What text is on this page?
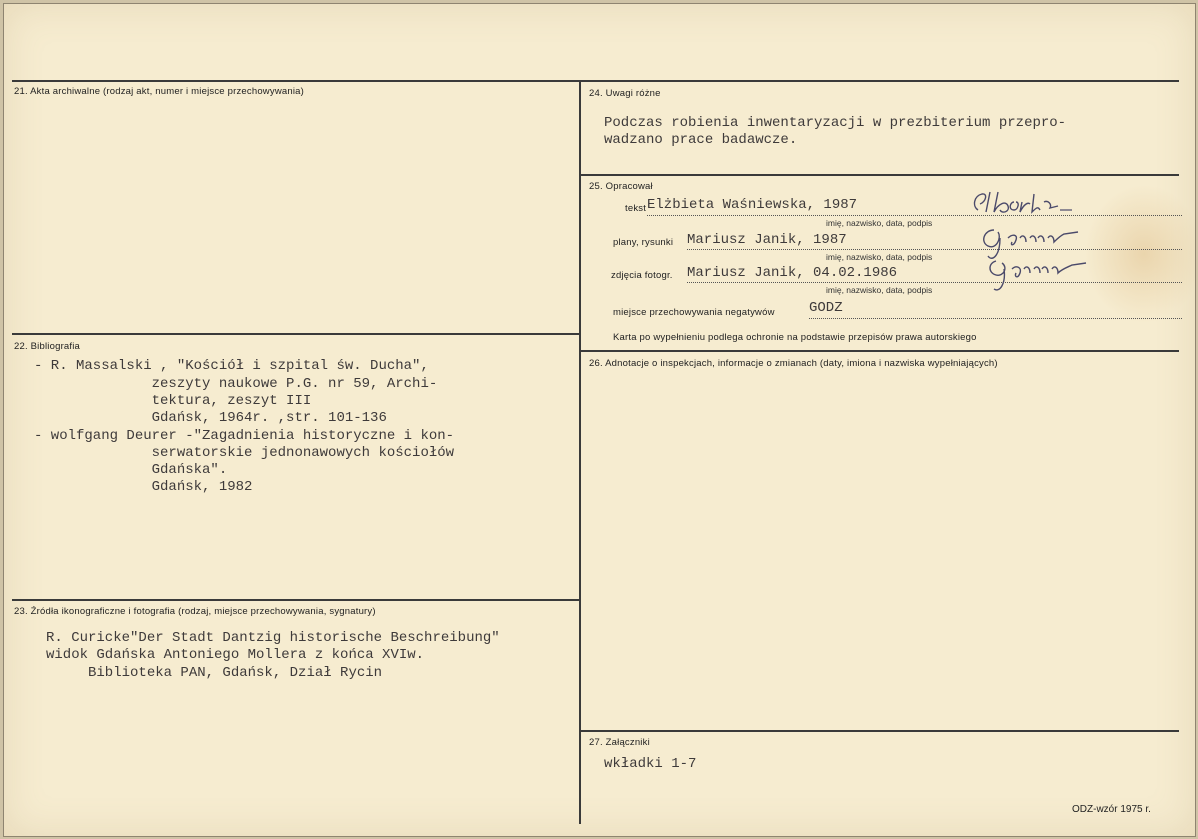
21. Akta archiwalne (rodzaj akt, numer i miejsce przechowywania)
22. Bibliografia
- R. Massalski , "Kościół i szpital św. Ducha",
zeszyty naukowe P.G. nr 59, Archi-
tektura, zeszyt III
Gdańsk, 1964r. ,str. 101-136
- wolfgang Deurer -"Zagadnienia historyczne i kon-
serwatorskie jednonawowych kościołów
Gdańska".
Gdańsk, 1982
23. Źródła ikonograficzne i fotografia (rodzaj, miejsce przechowywania, sygnatury)
R. Curicke"Der Stadt Dantzig historische Beschreibung"
widok Gdańska Antoniego Mollera z końca XVIw.
Biblioteka PAN, Gdańsk, Dział Rycin
24. Uwagi różne
Podczas robienia inwentaryzacji w prezbiterium przepro-
wadzano prace badawcze.
25. Opracował
tekst Elżbieta Waśniewska, 1987
imię, nazwisko, data, podpis
plany, rysunki Mariusz Janik, 1987
imię, nazwisko, data, podpis
zdjęcia fotogr. Mariusz Janik, 04.02.1986
imię, nazwisko, data, podpis
miejsce przechowywania negatywów GODZ
Karta po wypełnieniu podlega ochronie na podstawie przepisów prawa autorskiego
26. Adnotacje o inspekcjach, informacje o zmianach (daty, imiona i nazwiska wypełniających)
27. Załączniki
wkładki 1-7
ODZ-wzór 1975 r.
